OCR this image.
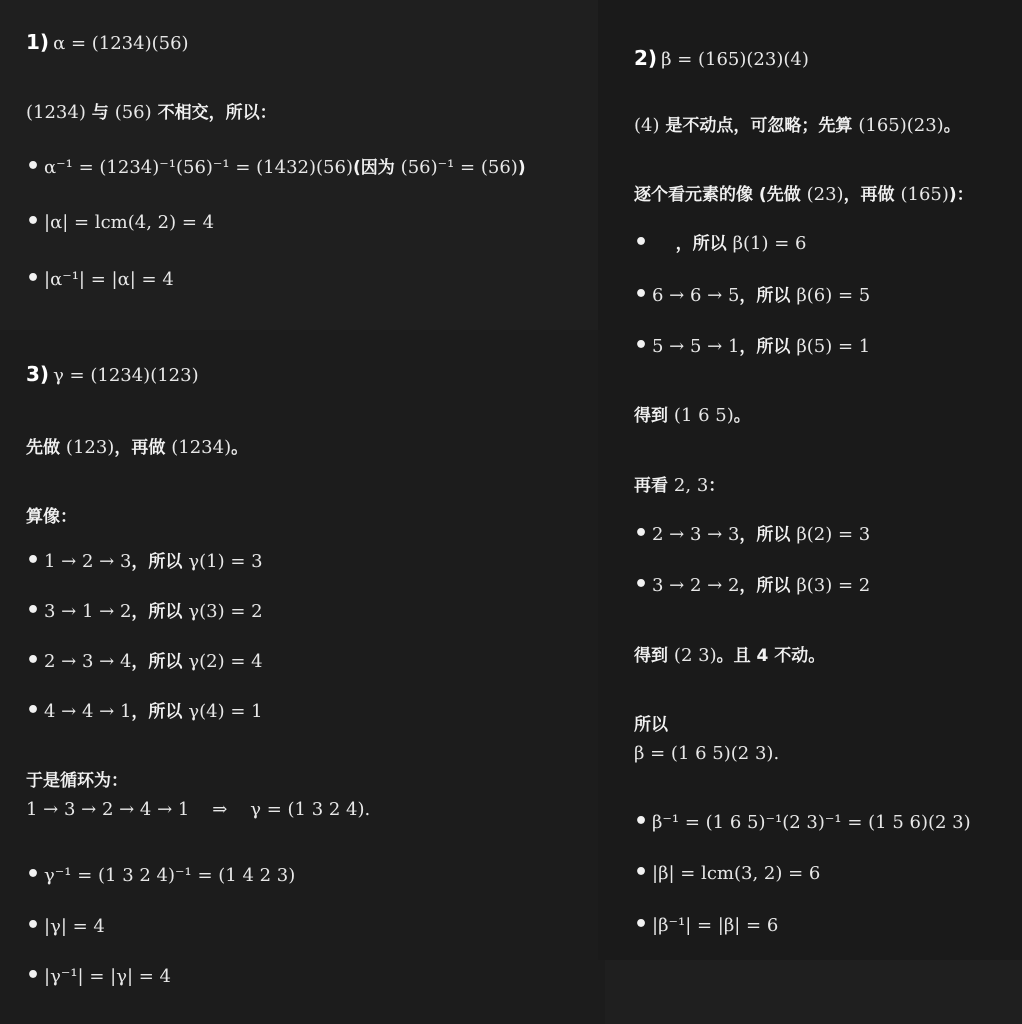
1) α = (1234)(56)
(1234) 与 (56) 不相交，所以：
• α⁻¹ = (1234)⁻¹(56)⁻¹ = (1432)(56) (因为 (56)⁻¹ = (56) )
• |α| = lcm(4, 2) = 4
• |α⁻¹| = |α| = 4
3) γ = (1234)(123)
先做 (123) ，再做 (1234) 。
算像：
• 1 → 2 → 3 ，所以 γ(1) = 3
• 3 → 1 → 2 ，所以 γ(3) = 2
• 2 → 3 → 4 ，所以 γ(2) = 4
• 4 → 4 → 1 ，所以 γ(4) = 1
于是循环为：
1 → 3 → 2 → 4 → 1    ⇒    γ = (1 3 2 4).
• γ⁻¹ = (1 3 2 4)⁻¹ = (1 4 2 3)
• |γ| = 4
• |γ⁻¹| = |γ| = 4
2) β = (165)(23)(4)
(4) 是不动点，可忽略；先算 (165)(23) 。
逐个看元素的像 (先做 (23) ，再做 (165) )：
• ，所以 β(1) = 6
• 6 → 6 → 5 ，所以 β(6) = 5
• 5 → 5 → 1 ，所以 β(5) = 1
得到 (1 6 5) 。
再看 2, 3 ：
• 2 → 3 → 3 ，所以 β(2) = 3
• 3 → 2 → 2 ，所以 β(3) = 2
得到 (2 3) 。且 4 不动。
所以
β = (1 6 5)(2 3).
• β⁻¹ = (1 6 5)⁻¹(2 3)⁻¹ = (1 5 6)(2 3)
• |β| = lcm(3, 2) = 6
• |β⁻¹| = |β| = 6
